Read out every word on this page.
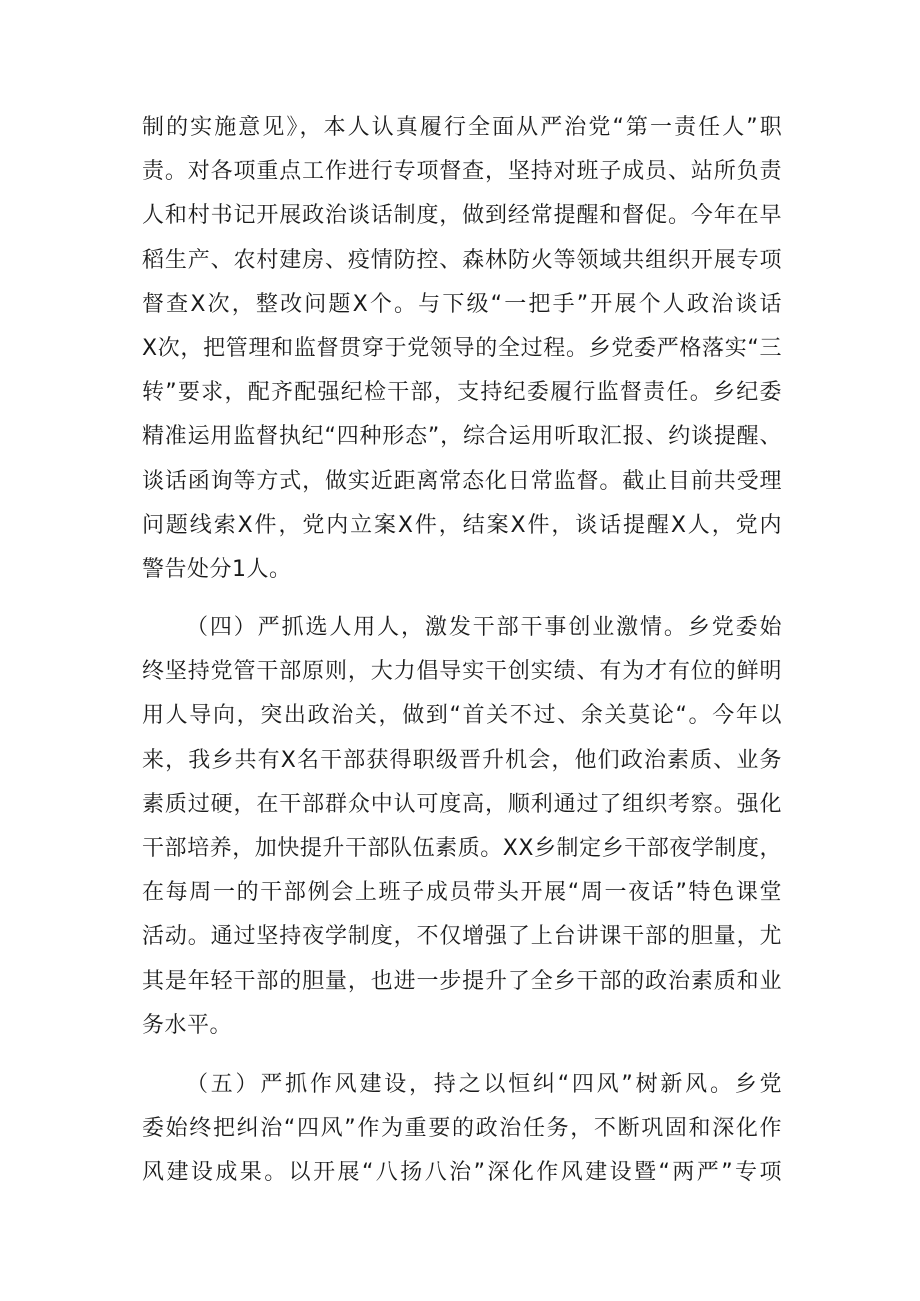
制的实施意见》，本人认真履行全面从严治党“第一责任人”职
责。对各项重点工作进行专项督查，坚持对班子成员、站所负责
人和村书记开展政治谈话制度，做到经常提醒和督促。今年在早
稻生产、农村建房、疫情防控、森林防火等领域共组织开展专项
督查X次，整改问题X个。与下级“一把手”开展个人政治谈话
X次，把管理和监督贯穿于党领导的全过程。乡党委严格落实“三
转”要求，配齐配强纪检干部，支持纪委履行监督责任。乡纪委
精准运用监督执纪“四种形态”，综合运用听取汇报、约谈提醒、
谈话函询等方式，做实近距离常态化日常监督。截止目前共受理
问题线索X件，党内立案X件，结案X件，谈话提醒X人，党内
警告处分1人。
（四）严抓选人用人，激发干部干事创业激情。乡党委始
终坚持党管干部原则，大力倡导实干创实绩、有为才有位的鲜明
用人导向，突出政治关，做到“首关不过、余关莫论“。今年以
来，我乡共有X名干部获得职级晋升机会，他们政治素质、业务
素质过硬，在干部群众中认可度高，顺利通过了组织考察。强化
干部培养，加快提升干部队伍素质。XX乡制定乡干部夜学制度，
在每周一的干部例会上班子成员带头开展“周一夜话”特色课堂
活动。通过坚持夜学制度，不仅增强了上台讲课干部的胆量，尤
其是年轻干部的胆量，也进一步提升了全乡干部的政治素质和业
务水平。
（五）严抓作风建设，持之以恒纠“四风”树新风。乡党
委始终把纠治“四风”作为重要的政治任务，不断巩固和深化作
风建设成果。以开展“八扬八治”深化作风建设暨“两严”专项
